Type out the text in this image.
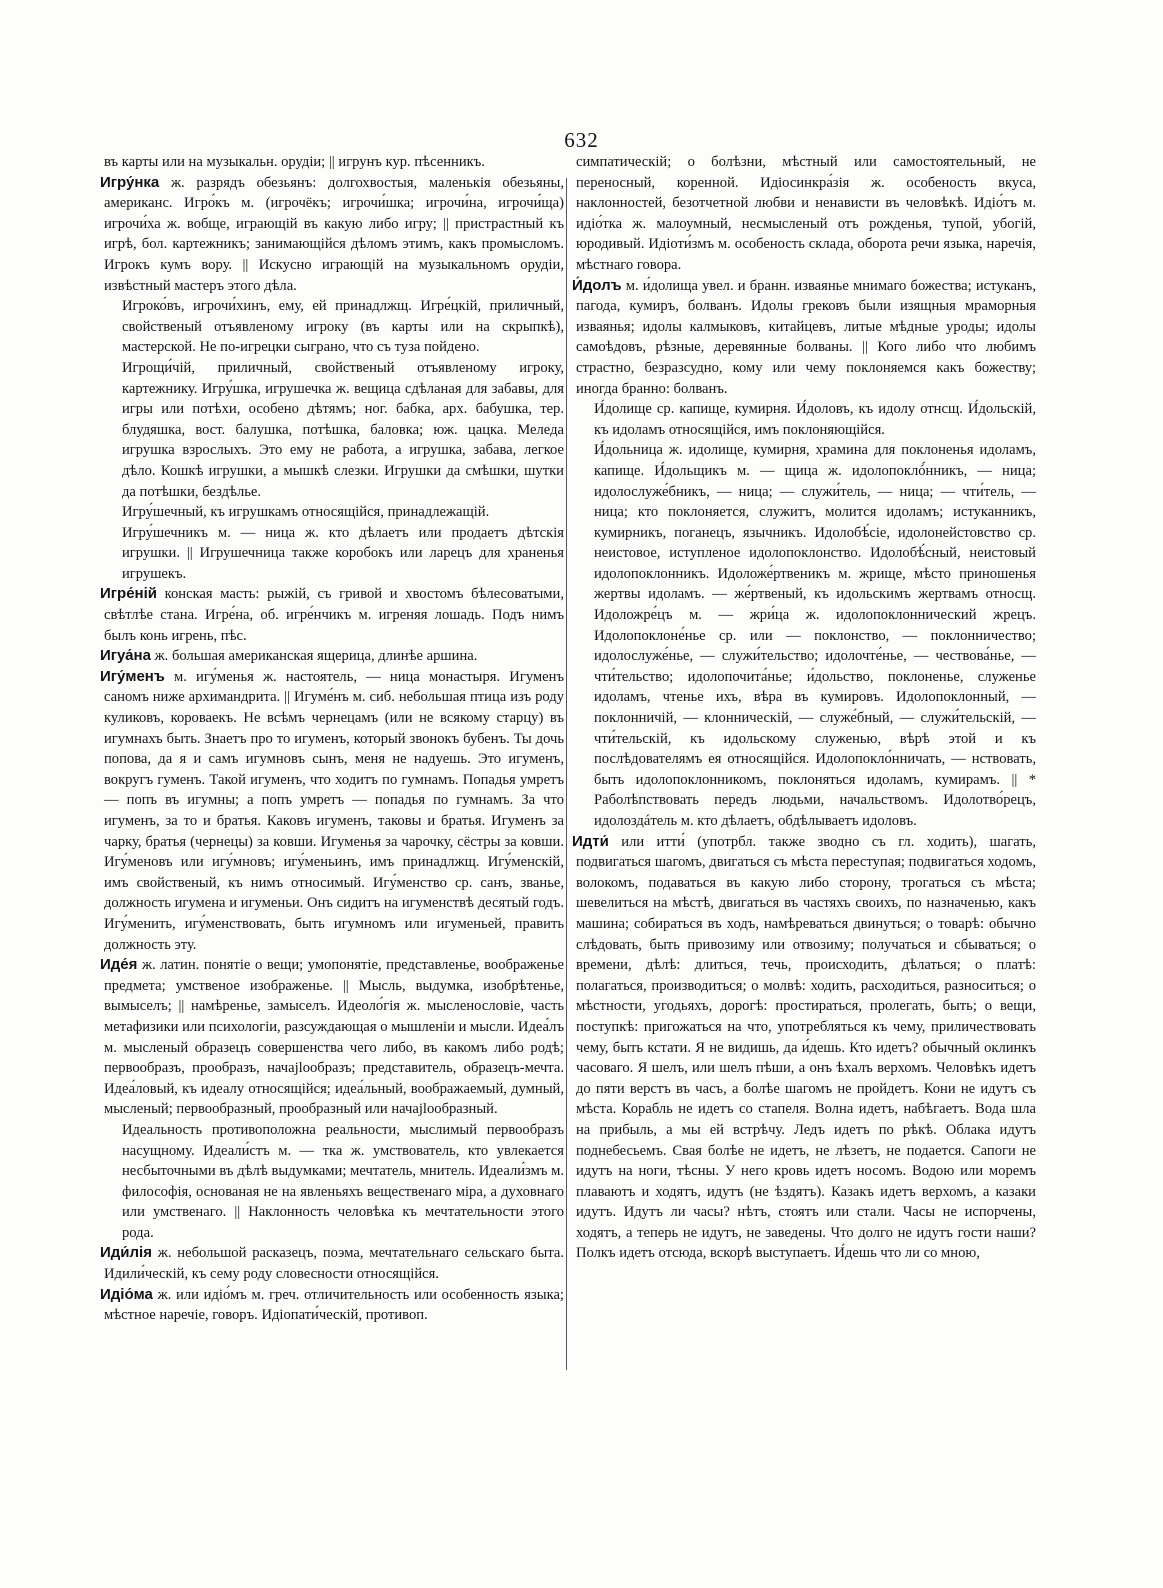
632

въ карты или на музыкальн. орудiи; || игрунъ кур. пѣсенникъ.

Игру́нка ж. разрядъ обезьянъ: долгохвостыя, маленькія обезьяны, американс. Игро́къ м. (игрочёкъ; игрочи́шка; игрочи́на, игрочи́ща) игрочи́ха ж. вобще, играющій въ какую либо игру; || пристрастный къ игрѣ, бол. картежникъ; занимающійся дѣломъ этимъ, какъ промысломъ. Игрокъ кумъ вору. || Искусно играющій на музыкальномъ орудіи, извѣстный мастеръ этого дѣла.

Игроко́въ, игрочи́хинъ, ему, ей принадлжщ. Игре́цкій, приличный, свойственый отъявленому игроку (въ карты или на скрыпкѣ), мастерской. Не по-игрецки сыграно, что съ туза пойдено.

Игрощи́чій, приличный, свойственый отъявленому игроку, картежнику. Игру́шка, игрушечка ж. вещица сдѣланая для забавы, для игры или потѣхи, особено дѣтямъ; ног. бабка, арх. бабушка, тер. блудяшка, вост. балушка, потѣшка, баловка; юж. цацка. Меледа игрушка взрослыхъ. Это ему не работа, а игрушка, забава, легкое дѣло. Кошкѣ игрушки, а мышкѣ слезки. Игрушки да смѣшки, шутки да потѣшки, бездѣлье.

Игру́шечный, къ игрушкамъ относящійся, принадлежащій.

Игру́шечникъ м. — ница ж. кто дѣлаетъ или продаетъ дѣтскія игрушки. || Игрушечница также коробокъ или ларецъ для храненья игрушекъ.

Игре́ній конская масть: рыжій, съ гривой и хвостомъ бѣлесоватыми, свѣтлѣе стана. Игре́на, об. игре́нчикъ м. игреняя лошадь. Подъ нимъ былъ конь игрень, пѣс.

Игуа́на ж. большая американская ящерица, длинѣе аршина.

Игу́менъ м. игу́менья ж. настоятель, — ница монастыря. Игуменъ саномъ ниже архимандрита. || Игуме́нъ м. сиб. небольшая птица изъ роду куликовъ, короваекъ. Не всѣмъ чернецамъ (или не всякому старцу) въ игумнахъ быть. Знаетъ про то игуменъ, который звонокъ бубенъ. Ты дочь попова, да я и самъ игумновъ сынъ, меня не надуешь. Это игуменъ, вокругъ гуменъ. Такой игуменъ, что ходитъ по гумнамъ. Попадья умретъ — попъ въ игумны; а попъ умретъ — попадья по гумнамъ. За что игуменъ, за то и братья. Каковъ игуменъ, таковы и братья. Игуменъ за чарку, братья (чернецы) за ковши. Игуменья за чарочку, сёстры за ковши. Игу́меновъ или игу́мновъ; игу́меньинъ, имъ принадлжщ. Игу́менскій, имъ свойственый, къ нимъ относимый. Игу́менство ср. санъ, званье, должность игумена и игуменьи. Онъ сидитъ на игуменствѣ десятый годъ. Игу́менить, игу́менствовать, быть игумномъ или игуменьей, править должность эту.

Иде́я ж. латин. понятіе о вещи; умопонятіе, представленье, воображенье предмета; умственое изображенье. || Мысль, выдумка, изобрѣтенье, вымыселъ; || намѣренье, замыселъ. Идеоло́гія ж. мысленословіе, часть метафизики или психологіи, разсуждающая о мышленіи и мысли. Идеа́лъ м. мысленый образецъ совершенства чего либо, въ какомъ либо родѣ; первообразъ, прообразъ, начаjlообразъ; представитель, образецъ-мечта. Идеа́ловый, къ идеалу относящійся; идеа́льный, воображаемый, думный, мысленый; первообразный, прообразный или начаjlообразный.

Идеальность противоположна реальности, мыслимый первообразъ насущному. Идеали́стъ м. — тка ж. умствователь, кто увлекается несбыточными въ дѣлѣ выдумками; мечтатель, мнитель. Идеали́змъ м. философія, основаная не на явленьяхъ вещественаго міра, а духовнаго или умственаго. || Наклонность человѣка къ мечтательности этого рода.

Иди́лія ж. небольшой расказецъ, поэма, мечтательнаго сельскаго быта. Идили́ческій, къ сему роду словесности относящійся.

Идіо́ма ж. или идіо́мъ м. греч. отличительность или особенность языка; мѣстное наречіе, говоръ. Идіопати́ческій, противоп.

симпатическій; о болѣзни, мѣстный или самостоятельный, не переносный, коренной. Идіосинкра́зія ж. особеность вкуса, наклонностей, безотчетной любви и ненависти въ человѣкѣ. Идіо́тъ м. идіо́тка ж. малоумный, несмысленый отъ рожденья, тупой, убогій, юродивый. Идіоти́змъ м. особеность склада, оборота речи языка, наречія, мѣстнаго говора.

И́долъ м. и́долища увел. и бранн. изваянье мнимаго божества; истуканъ, пагода, кумиръ, болванъ. Идолы грековъ были изящныя мраморныя изваянья; идолы калмыковъ, китайцевъ, литые мѣдные уроды; идолы самоѣдовъ, рѣзные, деревянные болваны. || Кого либо что любимъ страстно, безразсудно, кому или чему поклоняемся какъ божеству; иногда бранно: болванъ.

И́долище ср. капище, кумирня. И́доловъ, къ идолу отнсщ. И́дольскій, къ идоламъ относящійся, имъ поклоняющійся.

И́дольница ж. идолище, кумирня, храмина для поклоненья идоламъ, капище. И́дольщикъ м. — щица ж. идолопоклó́нникъ, — ница; идолослуже́бникъ, — ница; — служи́тель, — ница; — чти́тель, — ница; кто поклоняется, служитъ, молится идоламъ; истуканникъ, кумирникъ, поганецъ, язычникъ. Идолобѣ́сіе, идолонейстовство ср. неистовое, иступленое идолопоклонство. Идолобѣ́сный, неистовый идолопоклонникъ. Идоложе́ртвеникъ м. жрище, мѣсто приношенья жертвы идоламъ. — же́ртвеный, къ идольскимъ жертвамъ относщ. Идоложре́цъ м. — жри́ца ж. идолопоклоннический жрецъ. Идолопоклоне́нье ср. или — поклонство, — поклонничество; идолослуже́нье, — служи́тельство; идолочте́нье, — чествова́нье, — чти́тельство; идолопочита́нье; и́дольство, поклоненье, служенье идоламъ, чтенье ихъ, вѣра въ кумировъ. Идолопоклонный, — поклонничій, — клонническій, — служе́бный, — служи́тельскій, — чти́тельскій, къ идольскому служенью, вѣрѣ этой и къ послѣдователямъ ея относящійся. Идолопокло́нничать, — нствовать, быть идолопоклонникомъ, поклоняться идоламъ, кумирамъ. || * Раболѣпствовать передъ людьми, начальствомъ. Идолотво́рецъ, идолоздáтель м. кто дѣлаетъ, обдѣлываетъ идоловъ.

Идти́ или итти́ (употрбл. также зводно съ гл. ходить), шагать, подвигаться шагомъ, двигаться съ мѣста переступая; подвигаться ходомъ, волокомъ, подаваться въ какую либо сторону, трогаться съ мѣста; шевелиться на мѣстѣ, двигаться въ частяхъ своихъ, по назначенью, какъ машина; собираться въ ходъ, намѣреваться двинуться; о товарѣ: обычно слѣдовать, быть привозиму или отвозиму; получаться и сбываться; о времени, дѣлѣ: длиться, течь, происходить, дѣлаться; о платѣ: полагаться, производиться; о молвѣ: ходить, расходиться, разноситься; о мѣстности, угодьяхъ, дорогѣ: простираться, пролегать, быть; о вещи, поступкѣ: пригожаться на что, употребляться къ чему, приличествовать чему, быть кстати. Я не видишь, да и́дешь. Кто идетъ? обычный оклинкъ часоваго. Я шелъ, или шелъ пѣши, а онъ ѣхалъ верхомъ. Человѣкъ идетъ до пяти верстъ въ часъ, а болѣе шагомъ не пройдетъ. Кони не идутъ съ мѣста. Корабль не идетъ со стапеля. Волна идетъ, набѣгаетъ. Вода шла на прибыль, а мы ей встрѣчу. Ледъ идетъ по рѣкѣ. Облака идутъ поднебесьемъ. Свая болѣе не идетъ, не лѣзетъ, не подается. Сапоги не идутъ на ноги, тѣсны. У него кровь идетъ носомъ. Водою или моремъ плаваютъ и ходятъ, идутъ (не ѣздятъ). Казакъ идетъ верхомъ, а казаки идутъ. Идутъ ли часы? нѣтъ, стоятъ или стали. Часы не испорчены, ходятъ, а теперь не идутъ, не заведены. Что долго не идутъ гости наши? Полкъ идетъ отсюда, вскорѣ выступаетъ. И́дешь что ли со мною,
